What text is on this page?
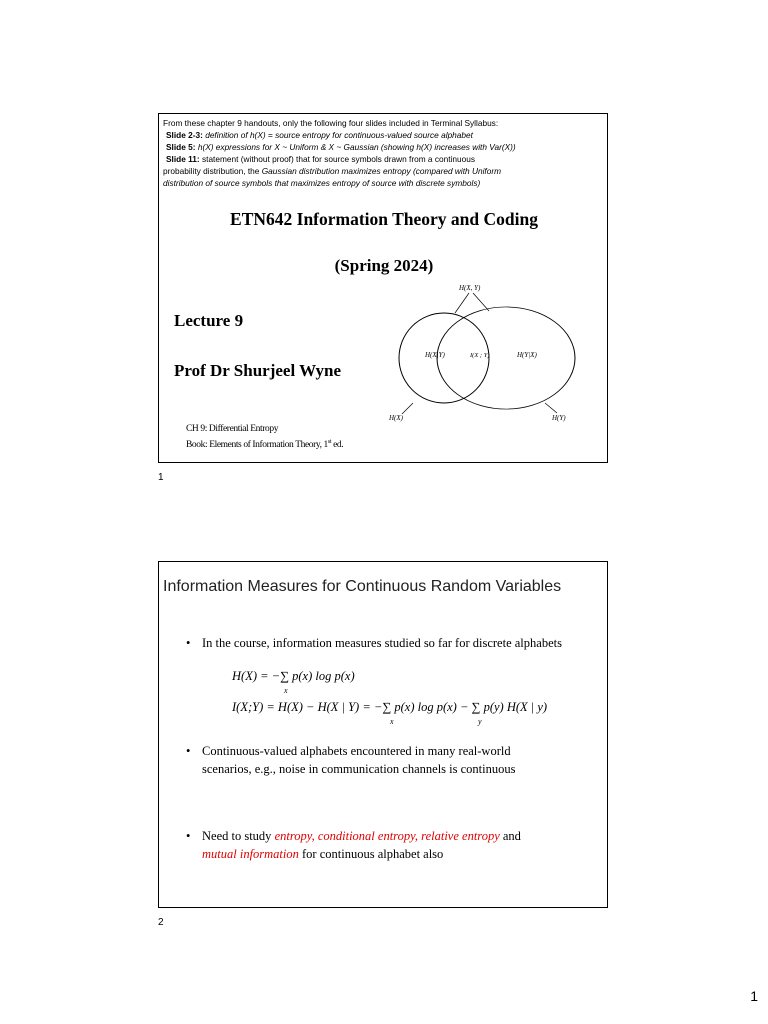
From these chapter 9 handouts, only the following four slides included in Terminal Syllabus:
Slide 2-3: definition of h(X) = source entropy for continuous-valued source alphabet
Slide 5: h(X) expressions for X ~ Uniform & X ~ Gaussian (showing h(X) increases with Var(X))
Slide 11: statement (without proof) that for source symbols drawn from a continuous
probability distribution, the Gaussian distribution maximizes entropy (compared with Uniform
distribution of source symbols that maximizes entropy of source with discrete symbols)
ETN642 Information Theory and Coding
(Spring 2024)
Lecture 9
Prof Dr Shurjeel Wyne
CH 9: Differential Entropy
Book: Elements of Information Theory, 1st ed.
H(X, Y)
H(X|Y)	I(X ; Y)	H(Y|X)
H(X)	H(Y)
1
Information Measures for Continuous Random Variables
• In the course, information measures studied so far for discrete alphabets
H(X) = −∑ p(x) log p(x)
x
I(X;Y) = H(X) − H(X | Y) = −∑ p(x) log p(x) − ∑ p(y) H(X | y)
x	y
• Continuous-valued alphabets encountered in many real-world
scenarios, e.g., noise in communication channels is continuous
• Need to study entropy, conditional entropy, relative entropy and
mutual information for continuous alphabet also
2
1
